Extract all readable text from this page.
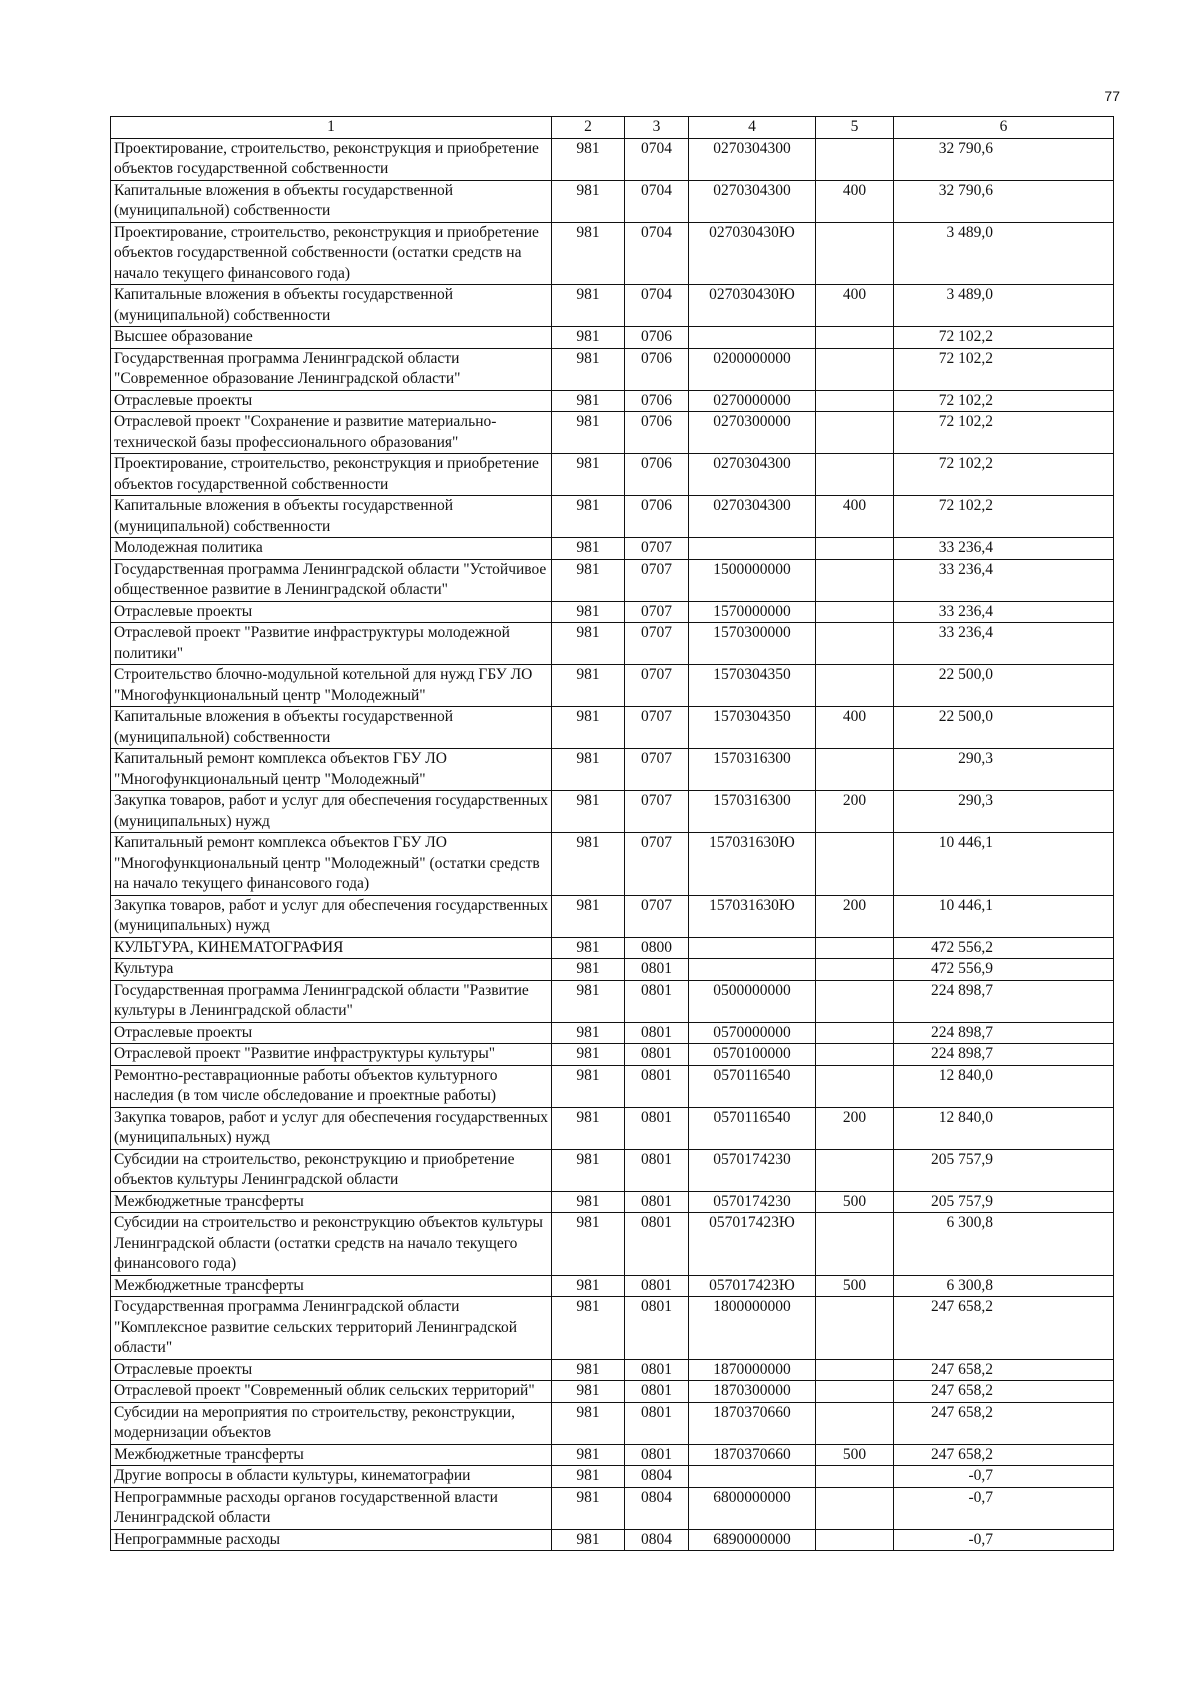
77
1	2	3	4	5	6
Проектирование, строительство, реконструкция и приобретение объектов государственной собственности	981	0704	0270304300		32 790,6
Капитальные вложения в объекты государственной (муниципальной) собственности	981	0704	0270304300	400	32 790,6
Проектирование, строительство, реконструкция и приобретение объектов государственной собственности (остатки средств на начало текущего финансового года)	981	0704	027030430Ю		3 489,0
Капитальные вложения в объекты государственной (муниципальной) собственности	981	0704	027030430Ю	400	3 489,0
Высшее образование	981	0706			72 102,2
Государственная программа Ленинградской области "Современное образование Ленинградской области"	981	0706	0200000000		72 102,2
Отраслевые проекты	981	0706	0270000000		72 102,2
Отраслевой проект "Сохранение и развитие материально-технической базы профессионального образования"	981	0706	0270300000		72 102,2
Проектирование, строительство, реконструкция и приобретение объектов государственной собственности	981	0706	0270304300		72 102,2
Капитальные вложения в объекты государственной (муниципальной) собственности	981	0706	0270304300	400	72 102,2
Молодежная политика	981	0707			33 236,4
Государственная программа Ленинградской области "Устойчивое общественное развитие в Ленинградской области"	981	0707	1500000000		33 236,4
Отраслевые проекты	981	0707	1570000000		33 236,4
Отраслевой проект "Развитие инфраструктуры молодежной политики"	981	0707	1570300000		33 236,4
Строительство блочно-модульной котельной для нужд ГБУ ЛО "Многофункциональный центр "Молодежный"	981	0707	1570304350		22 500,0
Капитальные вложения в объекты государственной (муниципальной) собственности	981	0707	1570304350	400	22 500,0
Капитальный ремонт комплекса объектов ГБУ ЛО "Многофункциональный центр "Молодежный"	981	0707	1570316300		290,3
Закупка товаров, работ и услуг для обеспечения государственных (муниципальных) нужд	981	0707	1570316300	200	290,3
Капитальный ремонт комплекса объектов ГБУ ЛО "Многофункциональный центр "Молодежный" (остатки средств на начало текущего финансового года)	981	0707	157031630Ю		10 446,1
Закупка товаров, работ и услуг для обеспечения государственных (муниципальных) нужд	981	0707	157031630Ю	200	10 446,1
КУЛЬТУРА, КИНЕМАТОГРАФИЯ	981	0800			472 556,2
Культура	981	0801			472 556,9
Государственная программа Ленинградской области "Развитие культуры в Ленинградской области"	981	0801	0500000000		224 898,7
Отраслевые проекты	981	0801	0570000000		224 898,7
Отраслевой проект "Развитие инфраструктуры культуры"	981	0801	0570100000		224 898,7
Ремонтно-реставрационные работы объектов культурного наследия (в том числе обследование и проектные работы)	981	0801	0570116540		12 840,0
Закупка товаров, работ и услуг для обеспечения государственных (муниципальных) нужд	981	0801	0570116540	200	12 840,0
Субсидии на строительство, реконструкцию и приобретение объектов культуры Ленинградской области	981	0801	0570174230		205 757,9
Межбюджетные трансферты	981	0801	0570174230	500	205 757,9
Субсидии на строительство и реконструкцию объектов культуры Ленинградской области (остатки средств на начало текущего финансового года)	981	0801	057017423Ю		6 300,8
Межбюджетные трансферты	981	0801	057017423Ю	500	6 300,8
Государственная программа Ленинградской области "Комплексное развитие сельских территорий Ленинградской области"	981	0801	1800000000		247 658,2
Отраслевые проекты	981	0801	1870000000		247 658,2
Отраслевой проект "Современный облик сельских территорий"	981	0801	1870300000		247 658,2
Субсидии на мероприятия по строительству, реконструкции, модернизации объектов	981	0801	1870370660		247 658,2
Межбюджетные трансферты	981	0801	1870370660	500	247 658,2
Другие вопросы в области культуры, кинематографии	981	0804			-0,7
Непрограммные расходы органов государственной власти Ленинградской области	981	0804	6800000000		-0,7
Непрограммные расходы	981	0804	6890000000		-0,7
